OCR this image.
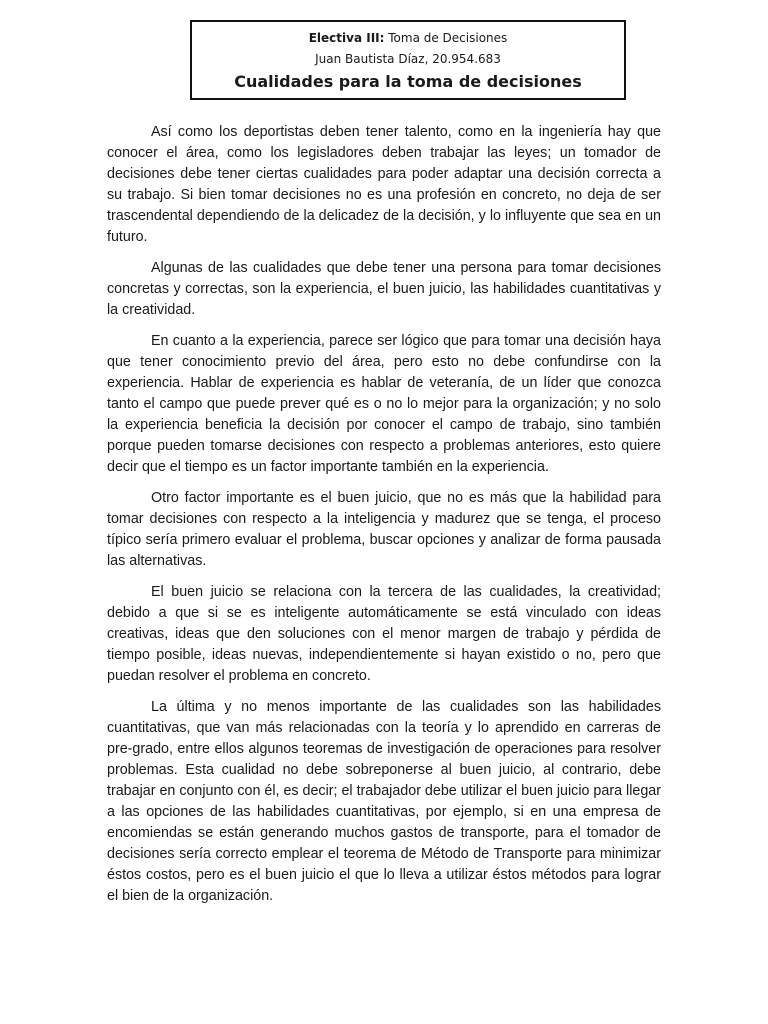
Electiva III: Toma de Decisiones
Juan Bautista Díaz, 20.954.683
Cualidades para la toma de decisiones

Así como los deportistas deben tener talento, como en la ingeniería hay que conocer el área, como los legisladores deben trabajar las leyes; un tomador de decisiones debe tener ciertas cualidades para poder adaptar una decisión correcta a su trabajo. Si bien tomar decisiones no es una profesión en concreto, no deja de ser trascendental dependiendo de la delicadez de la decisión, y lo influyente que sea en un futuro.

Algunas de las cualidades que debe tener una persona para tomar decisiones concretas y correctas, son la experiencia, el buen juicio, las habilidades cuantitativas y la creatividad.

En cuanto a la experiencia, parece ser lógico que para tomar una decisión haya que tener conocimiento previo del área, pero esto no debe confundirse con la experiencia. Hablar de experiencia es hablar de veteranía, de un líder que conozca tanto el campo que puede prever qué es o no lo mejor para la organización; y no solo la experiencia beneficia la decisión por conocer el campo de trabajo, sino también porque pueden tomarse decisiones con respecto a problemas anteriores, esto quiere decir que el tiempo es un factor importante también en la experiencia.

Otro factor importante es el buen juicio, que no es más que la habilidad para tomar decisiones con respecto a la inteligencia y madurez que se tenga, el proceso típico sería primero evaluar el problema, buscar opciones y analizar de forma pausada las alternativas.

El buen juicio se relaciona con la tercera de las cualidades, la creatividad; debido a que si se es inteligente automáticamente se está vinculado con ideas creativas, ideas que den soluciones con el menor margen de trabajo y pérdida de tiempo posible, ideas nuevas, independientemente si hayan existido o no, pero que puedan resolver el problema en concreto.

La última y no menos importante de las cualidades son las habilidades cuantitativas, que van más relacionadas con la teoría y lo aprendido en carreras de pre-grado, entre ellos algunos teoremas de investigación de operaciones para resolver problemas. Esta cualidad no debe sobreponerse al buen juicio, al contrario, debe trabajar en conjunto con él, es decir; el trabajador debe utilizar el buen juicio para llegar a las opciones de las habilidades cuantitativas, por ejemplo, si en una empresa de encomiendas se están generando muchos gastos de transporte, para el tomador de decisiones sería correcto emplear el teorema de Método de Transporte para minimizar éstos costos, pero es el buen juicio el que lo lleva a utilizar éstos métodos para lograr el bien de la organización.
